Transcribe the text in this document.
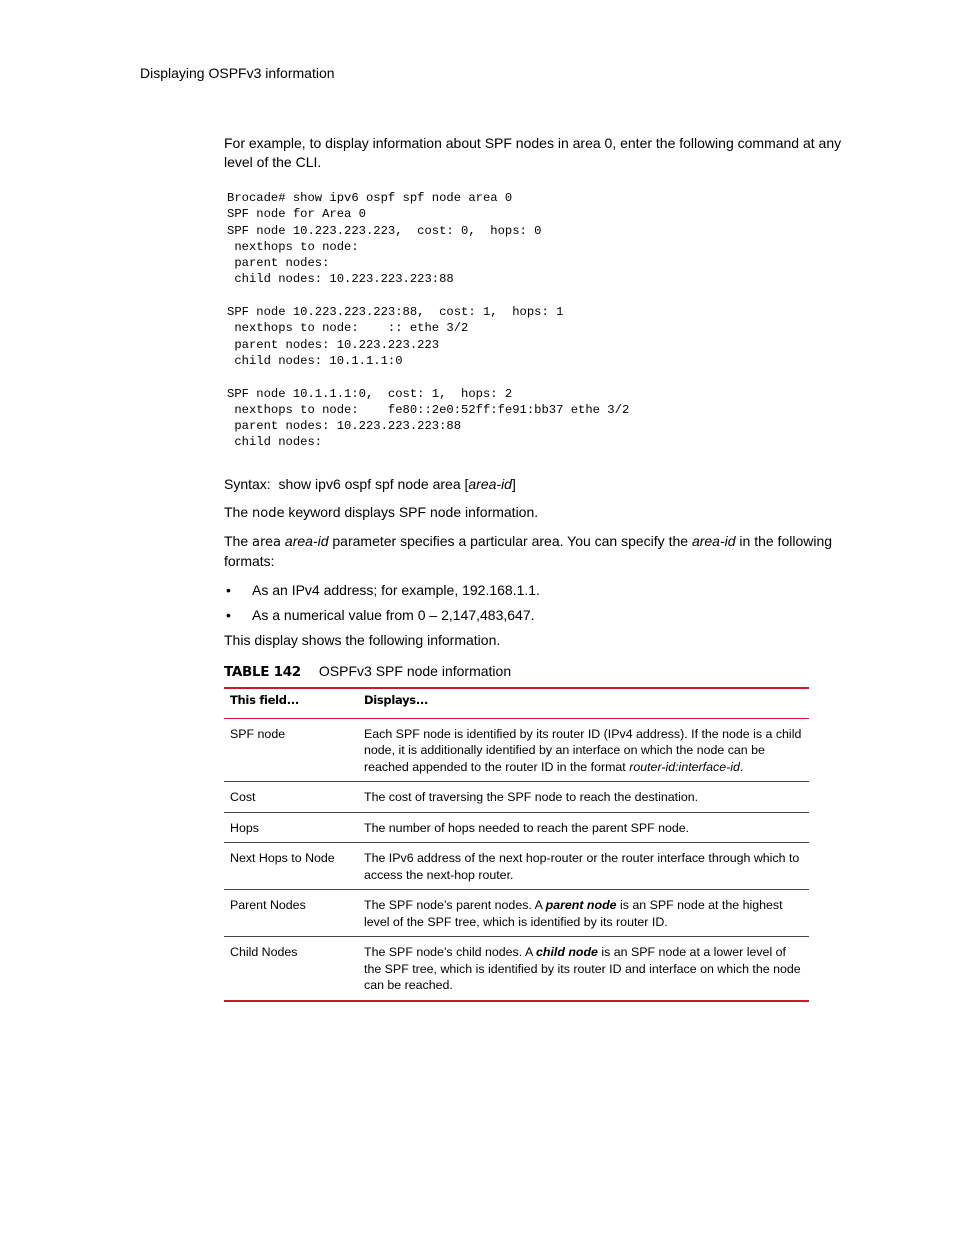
Displaying OSPFv3 information

For example, to display information about SPF nodes in area 0, enter the following command at any level of the CLI.

Brocade# show ipv6 ospf spf node area 0
SPF node for Area 0
SPF node 10.223.223.223,  cost: 0,  hops: 0
nexthops to node:
parent nodes:
child nodes: 10.223.223.223:88

SPF node 10.223.223.223:88,  cost: 1,  hops: 1
nexthops to node:    :: ethe 3/2
parent nodes: 10.223.223.223
child nodes: 10.1.1.1:0

SPF node 10.1.1.1:0,  cost: 1,  hops: 2
nexthops to node:    fe80::2e0:52ff:fe91:bb37 ethe 3/2
parent nodes: 10.223.223.223:88
child nodes:

Syntax: show ipv6 ospf spf node area [area-id]

The node keyword displays SPF node information.

The area area-id parameter specifies a particular area. You can specify the area-id in the following formats:

• As an IPv4 address; for example, 192.168.1.1.
• As a numerical value from 0 – 2,147,483,647.

This display shows the following information.

TABLE 142 OSPFv3 SPF node information

This field...	Displays...
SPF node	Each SPF node is identified by its router ID (IPv4 address). If the node is a child node, it is additionally identified by an interface on which the node can be reached appended to the router ID in the format router-id:interface-id.
Cost	The cost of traversing the SPF node to reach the destination.
Hops	The number of hops needed to reach the parent SPF node.
Next Hops to Node	The IPv6 address of the next hop-router or the router interface through which to access the next-hop router.
Parent Nodes	The SPF node’s parent nodes. A parent node is an SPF node at the highest level of the SPF tree, which is identified by its router ID.
Child Nodes	The SPF node’s child nodes. A child node is an SPF node at a lower level of the SPF tree, which is identified by its router ID and interface on which the node can be reached.
